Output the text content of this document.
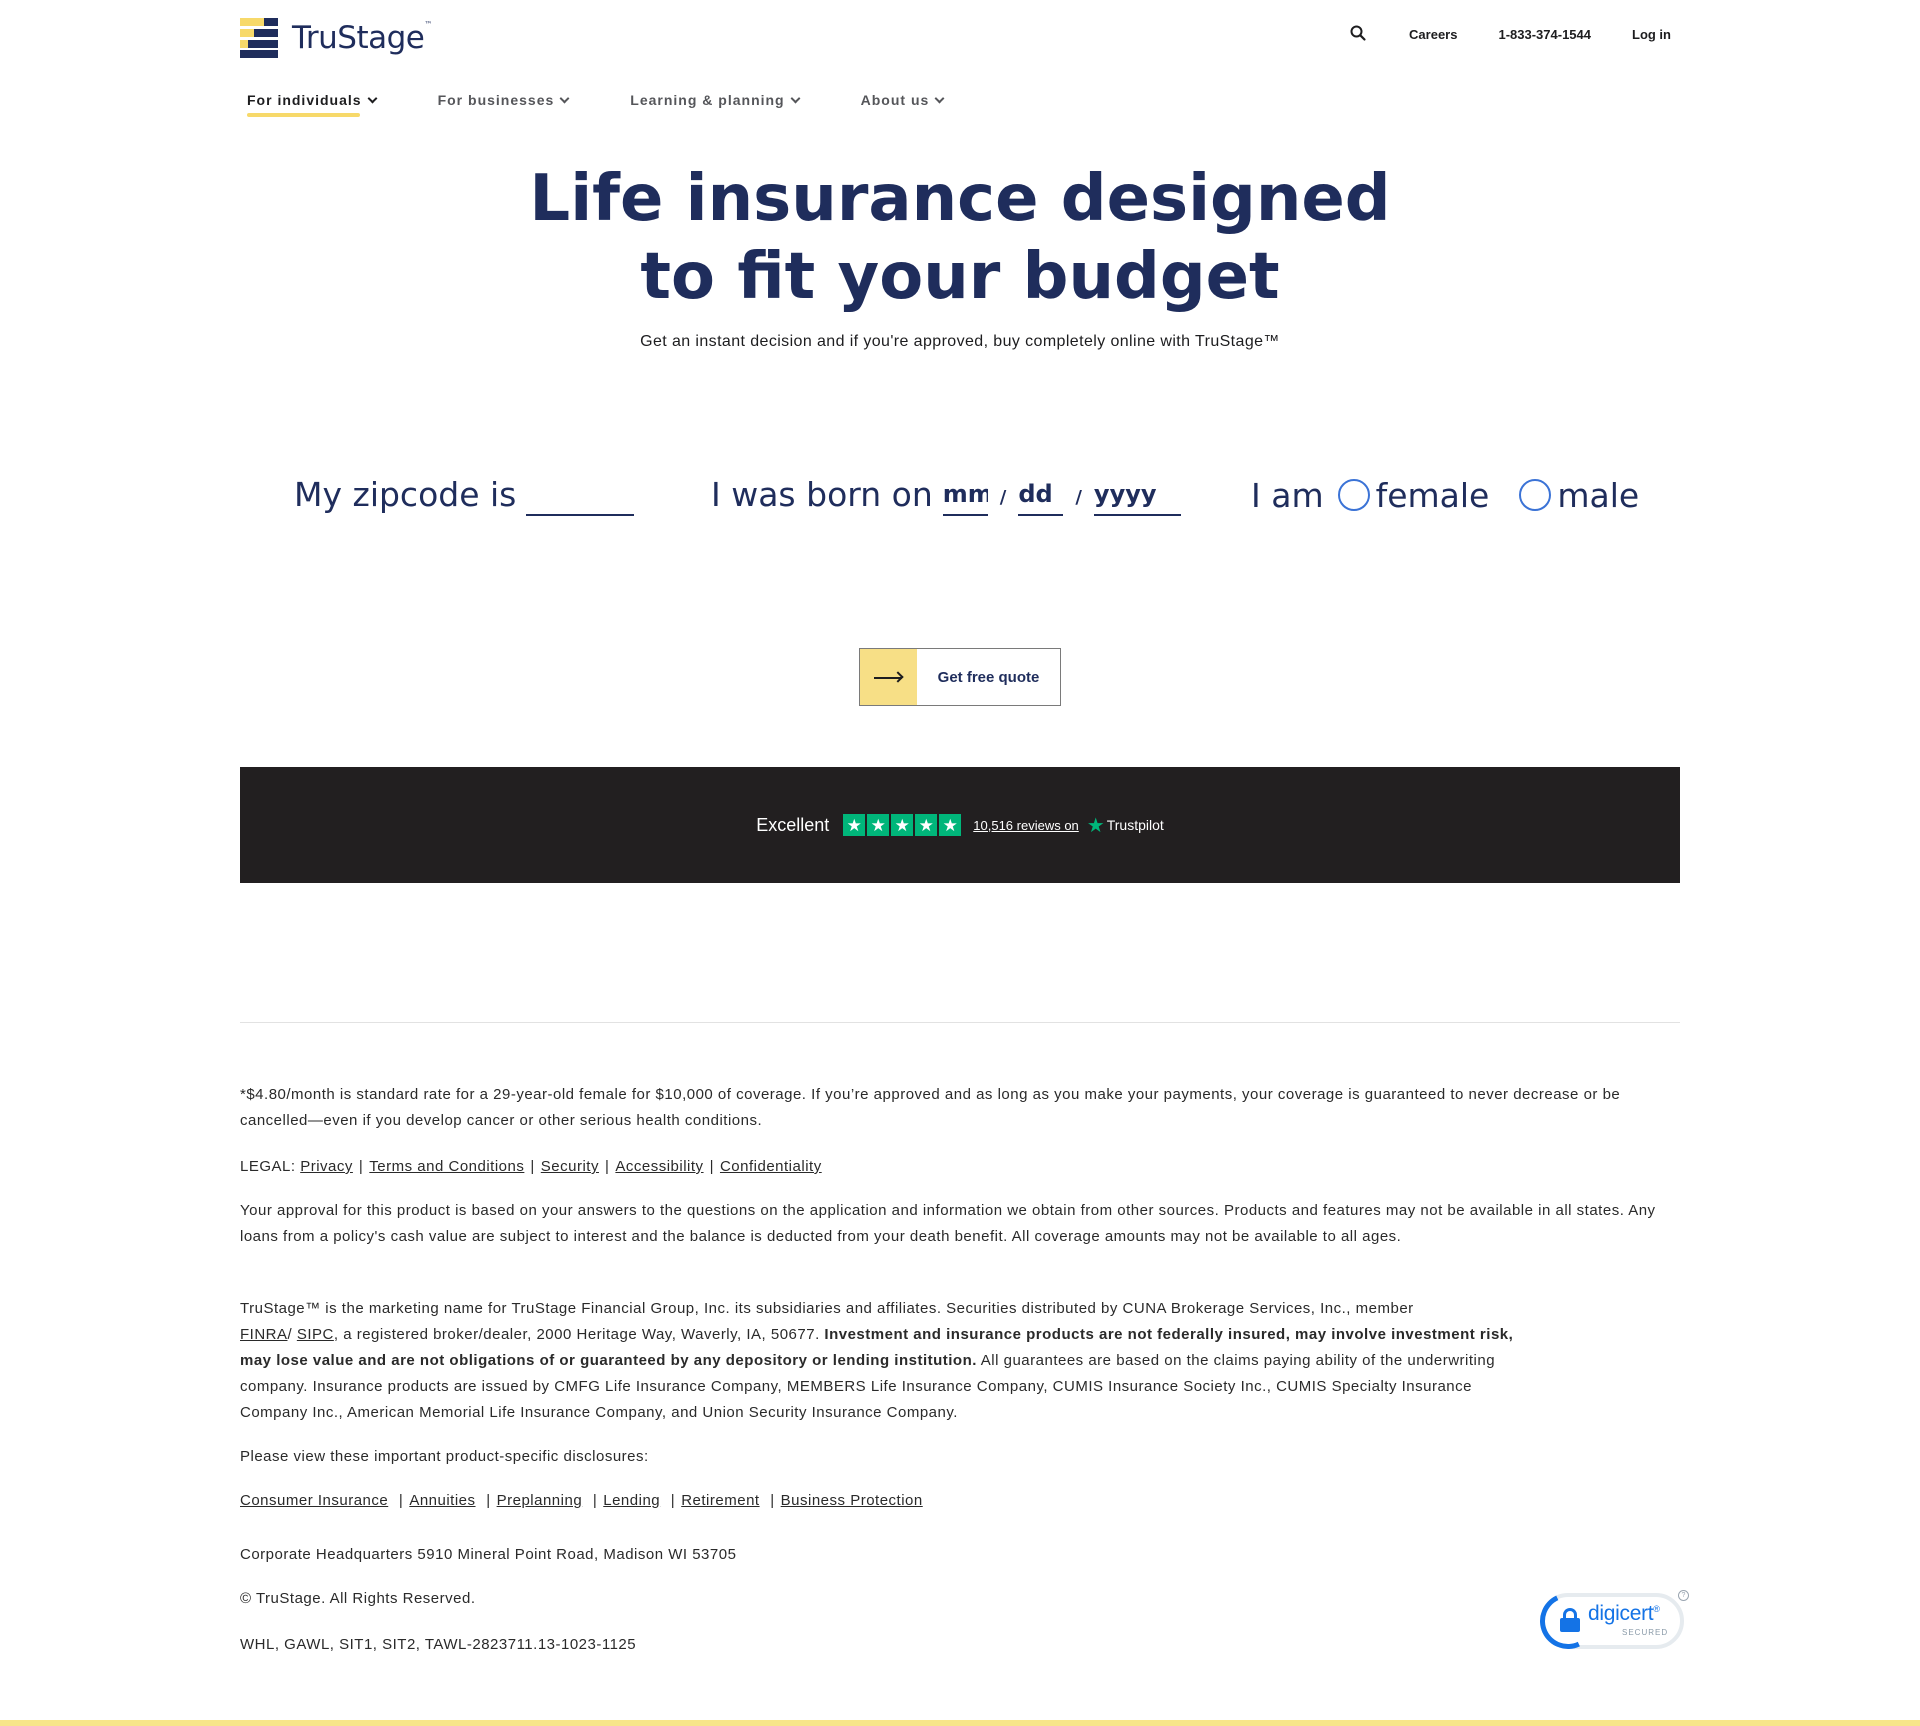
TruStage™
Careers	1-833-374-1544	Log in
For individuals	For businesses	Learning & planning	About us
Life insurance designed
to fit your budget

Get an instant decision and if you're approved, buy completely online with TruStage™

My zipcode is	I was born on
mm	/
dd	/
yyyy	I am female male
Get free quote
Excellent ★ ★ ★ ★ ★ 10,516 reviews on ★ Trustpilot

*$4.80/month is standard rate for a 29-year-old female for $10,000 of coverage. If you’re approved and as long as you make your payments, your coverage is guaranteed to never decrease or be cancelled—even if you develop cancer or other serious health conditions.

LEGAL: Privacy | Terms and Conditions | Security | Accessibility | Confidentiality

Your approval for this product is based on your answers to the questions on the application and information we obtain from other sources. Products and features may not be available in all states. Any loans from a policy's cash value are subject to interest and the balance is deducted from your death benefit. All coverage amounts may not be available to all ages.

TruStage™ is the marketing name for TruStage Financial Group, Inc. its subsidiaries and affiliates. Securities distributed by CUNA Brokerage Services, Inc., member
FINRA/ SIPC, a registered broker/dealer, 2000 Heritage Way, Waverly, IA, 50677. Investment and insurance products are not federally insured, may involve investment risk, may lose value and are not obligations of or guaranteed by any depository or lending institution. All guarantees are based on the claims paying ability of the underwriting company. Insurance products are issued by CMFG Life Insurance Company, MEMBERS Life Insurance Company, CUMIS Insurance Society Inc., CUMIS Specialty Insurance Company Inc., American Memorial Life Insurance Company, and Union Security Insurance Company.

Please view these important product-specific disclosures:

Consumer Insurance | Annuities | Preplanning | Lending | Retirement | Business Protection

Corporate Headquarters 5910 Mineral Point Road, Madison WI 53705

© TruStage. All Rights Reserved.

WHL, GAWL, SIT1, SIT2, TAWL-2823711.13-1023-1125

digicert®
SECURED
?
